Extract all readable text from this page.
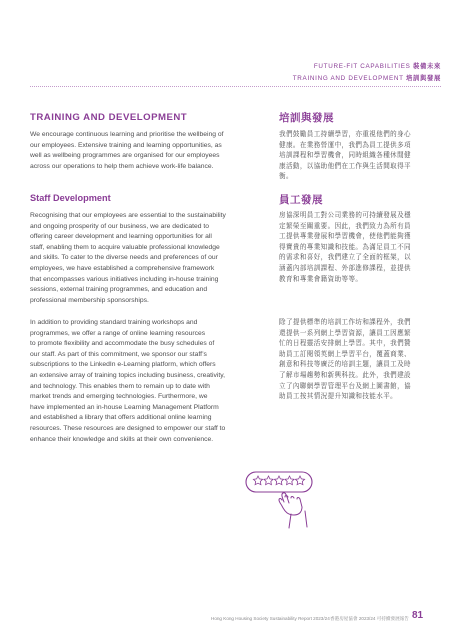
FUTURE-FIT CAPABILITIES 裝備未來
TRAINING AND DEVELOPMENT 培訓與發展
TRAINING AND DEVELOPMENT
We encourage continuous learning and prioritise the wellbeing of
our employees. Extensive training and learning opportunities, as
well as wellbeing programmes are organised for our employees
across our operations to help them achieve work-life balance.
Staff Development
Recognising that our employees are essential to the sustainability
and ongoing prosperity of our business, we are dedicated to
offering career development and learning opportunities for all
staff, enabling them to acquire valuable professional knowledge
and skills. To cater to the diverse needs and preferences of our
employees, we have established a comprehensive framework
that encompasses various initiatives including in-house training
sessions, external training programmes, and education and
professional membership sponsorships.
In addition to providing standard training workshops and
programmes, we offer a range of online learning resources
to promote flexibility and accommodate the busy schedules of
our staff. As part of this commitment, we sponsor our staff’s
subscriptions to the LinkedIn e-Learning platform, which offers
an extensive array of training topics including business, creativity,
and technology. This enables them to remain up to date with
market trends and emerging technologies. Furthermore, we
have implemented an in-house Learning Management Platform
and established a library that offers additional online learning
resources. These resources are designed to empower our staff to
enhance their knowledge and skills at their own convenience.
培訓與發展
我們鼓勵員工持續學習，亦重視他們的身心
健康。在業務營運中，我們為員工提供多項
培訓課程和學習機會，同時組織各種休閒健
康活動，以協助他們在工作與生活間取得平
衡。
員工發展
房協深明員工對公司業務的可持續發展及穩
定繁榮至關重要。因此，我們致力為所有員
工提供專業發展和學習機會，使他們能夠獲
得寶貴的專業知識和技能。為滿足員工不同
的需求和喜好，我們建立了全面的框架，以
涵蓋內部培訓課程、外部進修課程，並提供
教育和專業會籍資助等等。
除了提供標準的培訓工作坊和課程外，我們
還提供一系列網上學習資源，讓員工因應繁
忙的日程靈活安排網上學習。其中，我們贊
助員工訂閱領英網上學習平台，覆蓋商業、
創意和科技等廣泛的培訓主題，讓員工及時
了解市場趨勢和新興科技。此外，我們建設
立了內聯網學習管理平台及網上圖書館，協
助員工按其情況提升知識和技能水平。
Hong Kong Housing Society Sustainability Report 2023/24 香港房屋協會 2023/24 可持續發展報告 81
